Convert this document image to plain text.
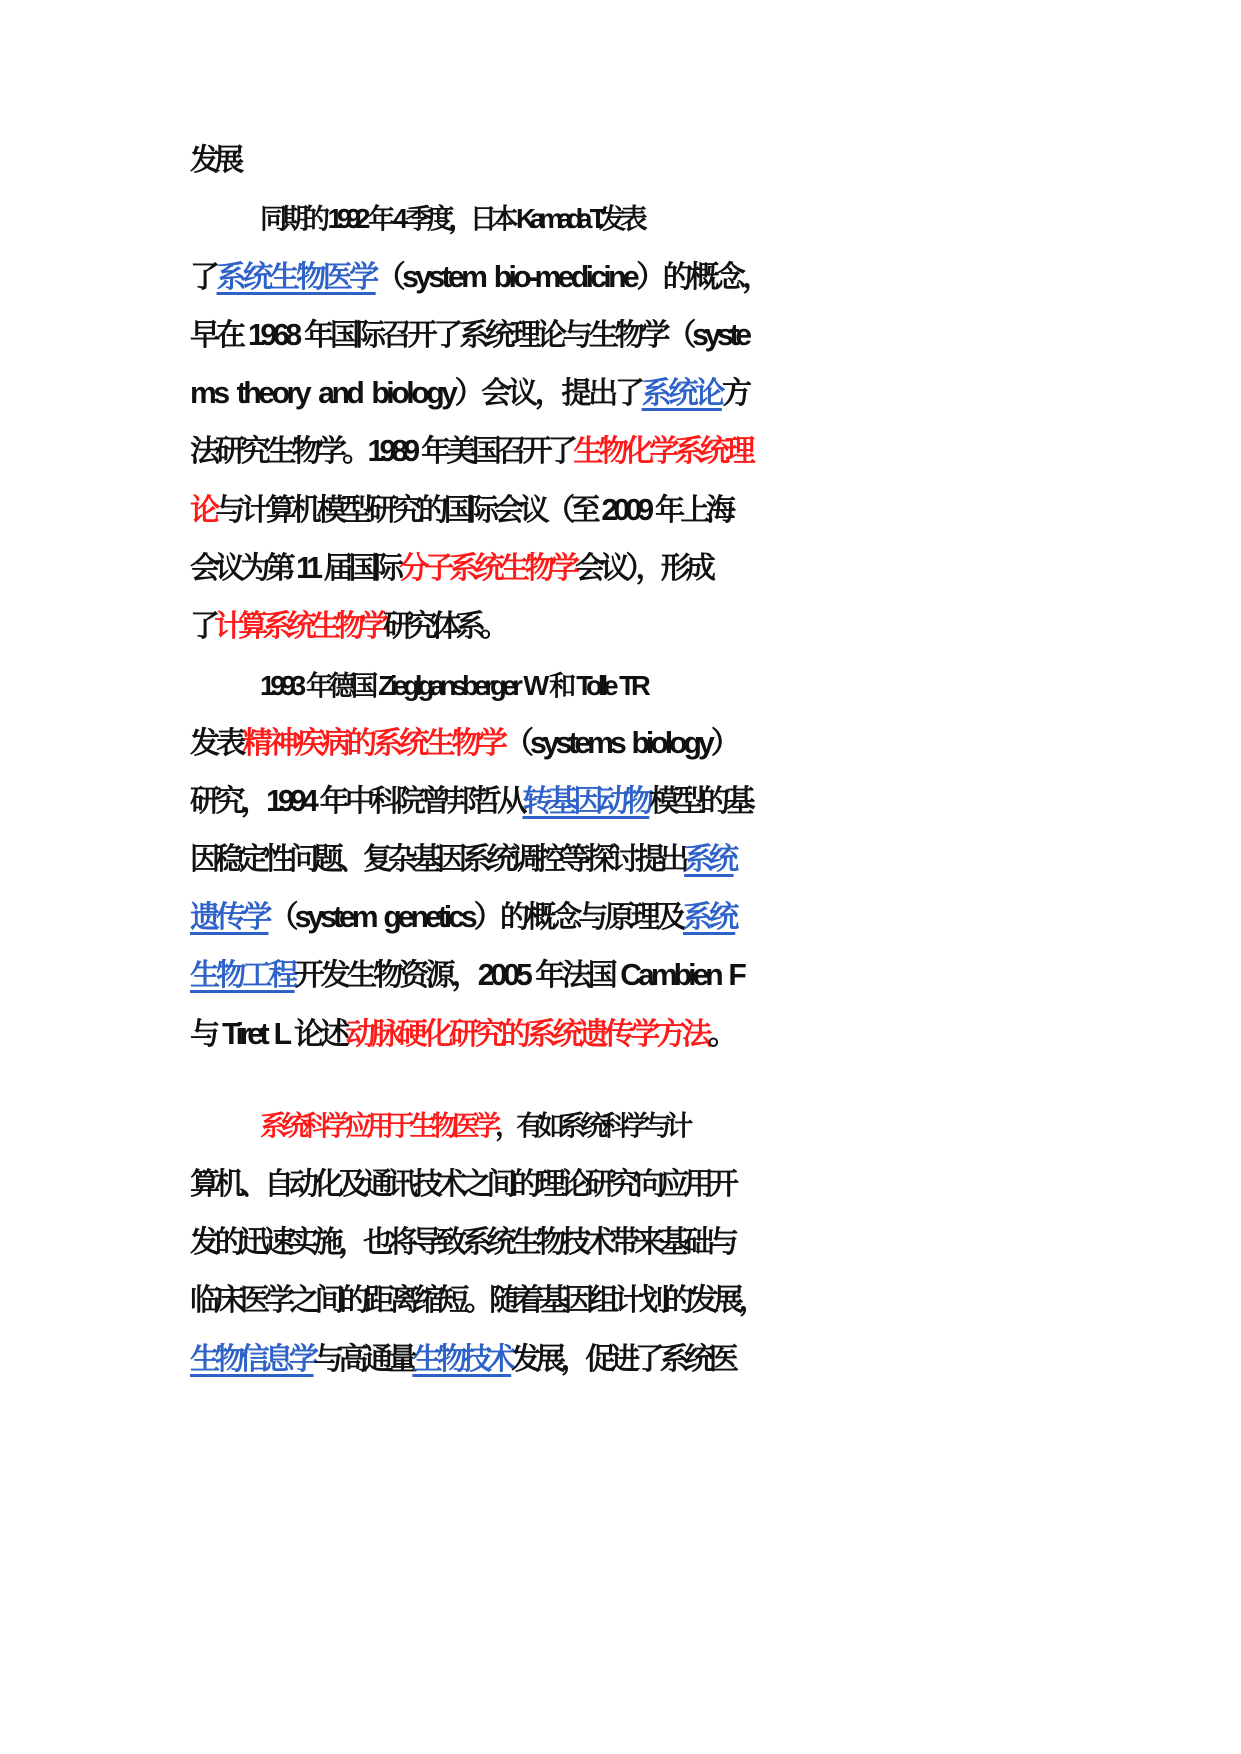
发展
同期的 1992 年 4 季度，日本 Kamada  T.发表
了系统生物医学（system  bio-medicine）的概念，
早在 1968 年国际召开了系统理论与生物学（syste
ms  theory  and  biology）会议，提出了系统论方
法研究生物学。1989 年美国召开了生物化学系统理
论与计算机模型研究的国际会议（至 2009 年上海
会议为第 11 届国际分子系统生物学会议），形成
了计算系统生物学研究体系。
1993 年德国 Zieglgansberger  W 和 Tolle  TR
发表精神疾病的系统生物学（systems  biology）
研究，1994 年中科院曾邦哲从转基因动物模型的基
因稳定性问题、复杂基因系统调控等探讨提出系统
遗传学（system  genetics）的概念与原理及系统
生物工程开发生物资源，2005 年法国 Cambien  F
与 Tiret  L 论述动脉硬化研究的系统遗传学方法。
系统科学应用于生物医学，有如系统科学与计
算机、自动化及通讯技术之间的理论研究向应用开
发的迅速实施，也将导致系统生物技术带来基础与
临床医学之间的距离缩短。随着基因组计划的发展，
生物信息学与高通量生物技术发展，促进了系统医
